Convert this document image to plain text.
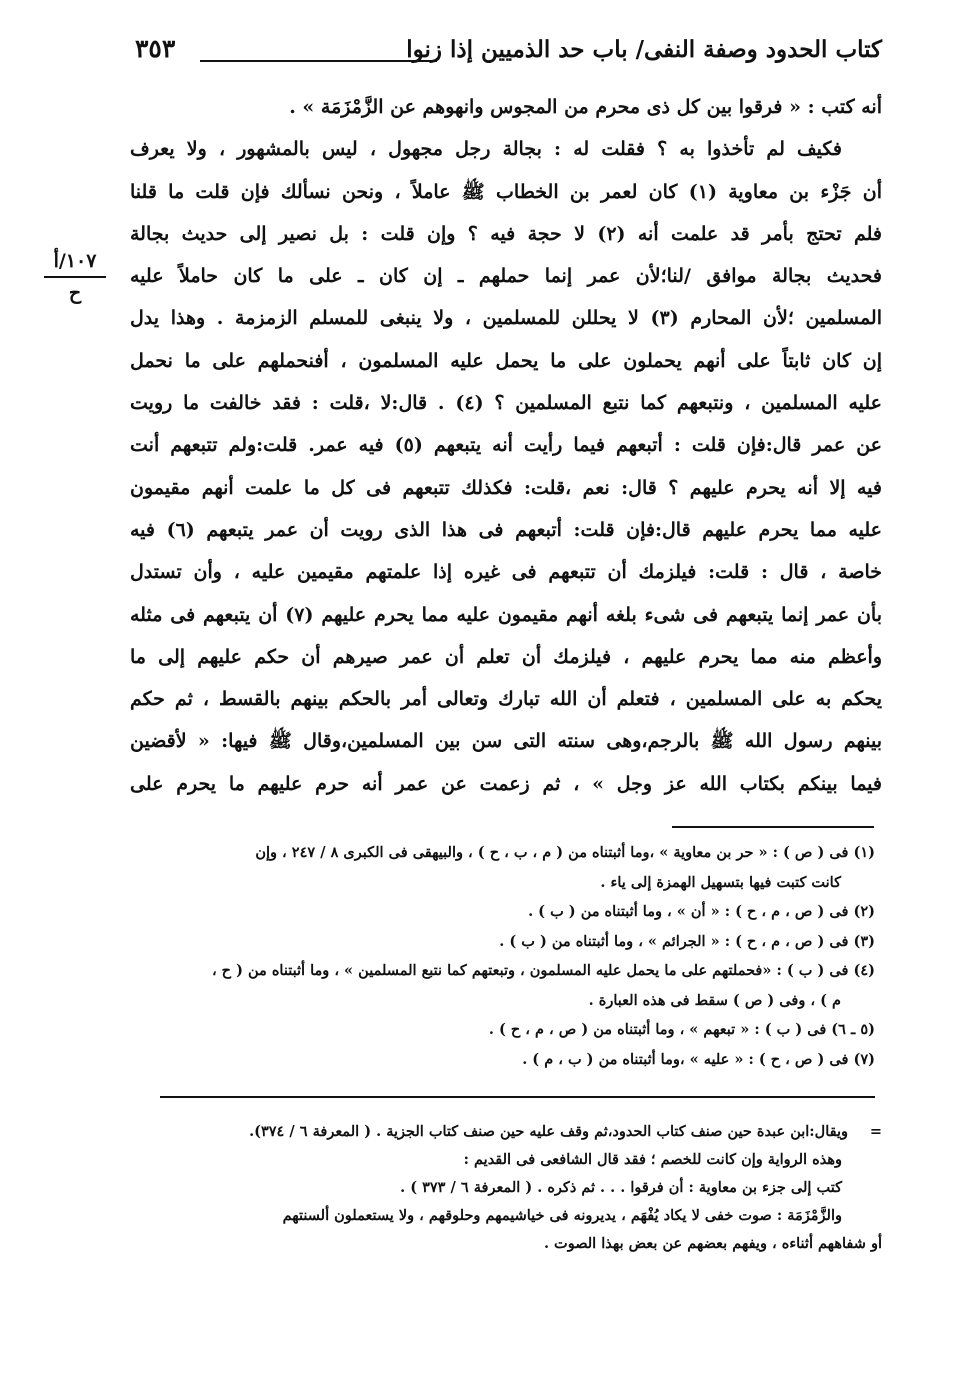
كتاب الحدود وصفة النفى/ باب حد الذميين إذا زنوا
٣٥٣
١٠٧/أ
ح
أنه كتب : « فرقوا بين كل ذى محرم من المجوس وانهوهم عن الزَّمْزَمَة » .
فكيف لم تأخذوا به ؟ فقلت له : بجالة رجل مجهول ، ليس بالمشهور ، ولا يعرف
أن جَزْء بن معاوية (١) كان لعمر بن الخطاب ﷺ عاملاً ، ونحن نسألك فإن قلت ما قلنا
فلم تحتج بأمر قد علمت أنه (٢) لا حجة فيه ؟ وإن قلت : بل نصير إلى حديث بجالة
فحديث بجالة موافق /لنا؛لأن عمر إنما حملهم ـ إن كان ـ على ما كان حاملاً عليه
المسلمين ؛لأن المحارم (٣) لا يحللن للمسلمين ، ولا ينبغى للمسلم الزمزمة . وهذا يدل
إن كان ثابتاً على أنهم يحملون على ما يحمل عليه المسلمون ، أفنحملهم على ما نحمل
عليه المسلمين ، ونتبعهم كما نتبع المسلمين ؟ (٤) . قال:لا ،قلت : فقد خالفت ما رويت
عن عمر قال:فإن قلت : أتبعهم فيما رأيت أنه يتبعهم (٥) فيه عمر. قلت:ولم تتبعهم أنت
فيه إلا أنه يحرم عليهم ؟ قال: نعم ،قلت: فكذلك تتبعهم فى كل ما علمت أنهم مقيمون
عليه مما يحرم عليهم قال:فإن قلت: أتبعهم فى هذا الذى رويت أن عمر يتبعهم (٦) فيه
خاصة ، قال : قلت: فيلزمك أن تتبعهم فى غيره إذا علمتهم مقيمين عليه ، وأن تستدل
بأن عمر إنما يتبعهم فى شىء بلغه أنهم مقيمون عليه مما يحرم عليهم (٧) أن يتبعهم فى مثله
وأعظم منه مما يحرم عليهم ، فيلزمك أن تعلم أن عمر صيرهم أن حكم عليهم إلى ما
يحكم به على المسلمين ، فتعلم أن الله تبارك وتعالى أمر بالحكم بينهم بالقسط ، ثم حكم
بينهم رسول الله ﷺ بالرجم،وهى سنته التى سن بين المسلمين،وقال ﷺ فيها: « لأقضين
فيما بينكم بكتاب الله عز وجل » ، ثم زعمت عن عمر أنه حرم عليهم ما يحرم على
(١) فى ( ص ) : « حر بن معاوية » ،وما أثبتناه من ( م ، ب ، ح ) ، والبيهقى فى الكبرى ٨ / ٢٤٧ ، وإن
كانت كتبت فيها بتسهيل الهمزة إلى ياء .
(٢) فى ( ص ، م ، ح ) : « أن » ، وما أثبتناه من ( ب ) .
(٣) فى ( ص ، م ، ح ) : « الجرائم » ، وما أثبتناه من ( ب ) .
(٤) فى ( ب ) : «فحملتهم على ما يحمل عليه المسلمون ، وتبعتهم كما نتبع المسلمين » ، وما أثبتناه من ( ح ،
م ) ، وفى ( ص ) سقط فى هذه العبارة .
(٥ ـ ٦) فى ( ب ) : « تبعهم » ، وما أثبتناه من ( ص ، م ، ح ) .
(٧) فى ( ص ، ح ) : « عليه » ،وما أثبتناه من ( ب ، م ) .
=ويقال:ابن عبدة حين صنف كتاب الحدود،ثم وقف عليه حين صنف كتاب الجزية . ( المعرفة ٦ / ٣٧٤).
وهذه الرواية وإن كانت للخصم ؛ فقد قال الشافعى فى القديم :
كتب إلى جزء بن معاوية : أن فرقوا . . . ثم ذكره . ( المعرفة ٦ / ٣٧٣ ) .
والزَّمْزَمَة : صوت خفى لا يكاد يُفْهَم ، يديرونه فى خياشيمهم وحلوقهم ، ولا يستعملون ألسنتهم
أو شفاههم أثناءه ، ويفهم بعضهم عن بعض بهذا الصوت .
